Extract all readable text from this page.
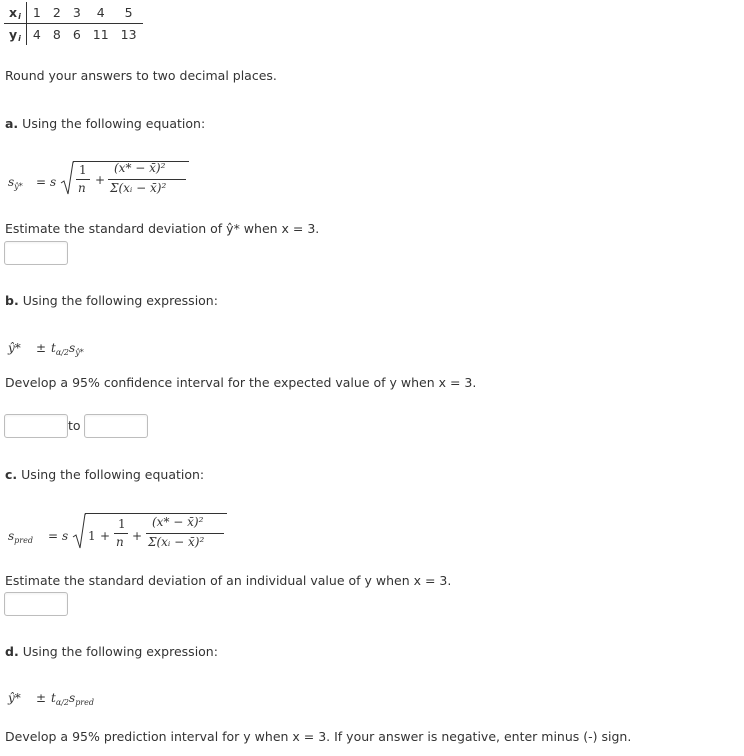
$x_i$	1	2	3	4	5
$y_i$	4	8	6	11	13
Round your answers to two decimal places.
a. Using the following equation:
$s_{ŷ*} = s$
1
n
+
(x* − x̄)²
Σ(xᵢ − x̄)²
Estimate the standard deviation of ŷ* when x = 3.
b. Using the following expression:
ŷ* ± $t_{\alpha/2}s_{ŷ*}$
Develop a 95% confidence interval for the expected value of y when x = 3.
to
c. Using the following equation:
$s_{pred} = s$ 1 +
1
n +
(x* − x̄)²
Σ(xᵢ − x̄)²
Estimate the standard deviation of an individual value of y when x = 3.
d. Using the following expression:
ŷ* ± $t_{\alpha/2}s_{pred}$
Develop a 95% prediction interval for y when x = 3. If your answer is negative, enter minus (-) sign.
